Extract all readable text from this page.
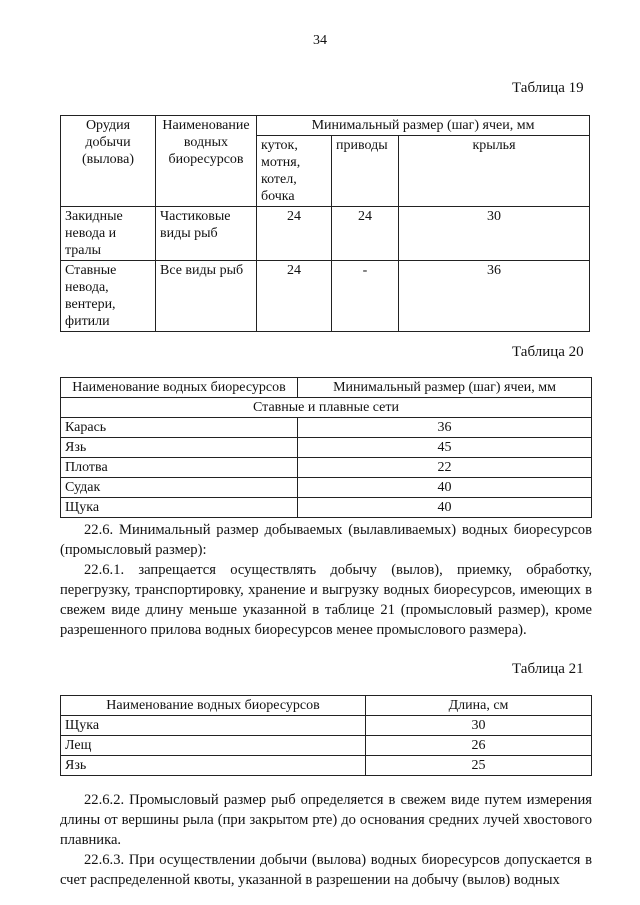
34
Таблица 19
Орудия добычи (вылова)	Наименование водных биоресурсов	Минимальный размер (шаг) ячеи, мм		
		куток, мотня, котел, бочка	приводы	крылья
Закидные невода и тралы	Частиковые виды рыб	24	24	30
Ставные невода, вентери, фитили	Все виды рыб	24	-	36
Таблица 20
Наименование водных биоресурсов	Минимальный размер (шаг) ячеи, мм
Ставные и плавные сети	
Карась	36
Язь	45
Плотва	22
Судак	40
Щука	40

22.6. Минимальный размер добываемых (вылавливаемых) водных биоресурсов (промысловый размер):

22.6.1. запрещается осуществлять добычу (вылов), приемку, обработку, перегрузку, транспортировку, хранение и выгрузку водных биоресурсов, имеющих в свежем виде длину меньше указанной в таблице 21 (промысловый размер), кроме разрешенного прилова водных биоресурсов менее промыслового размера).

Таблица 21
Наименование водных биоресурсов	Длина, см
Щука	30
Лещ	26
Язь	25

22.6.2. Промысловый размер рыб определяется в свежем виде путем измерения длины от вершины рыла (при закрытом рте) до основания средних лучей хвостового плавника.

22.6.3. При осуществлении добычи (вылова) водных биоресурсов допускается в счет распределенной квоты, указанной в разрешении на добычу (вылов) водных
